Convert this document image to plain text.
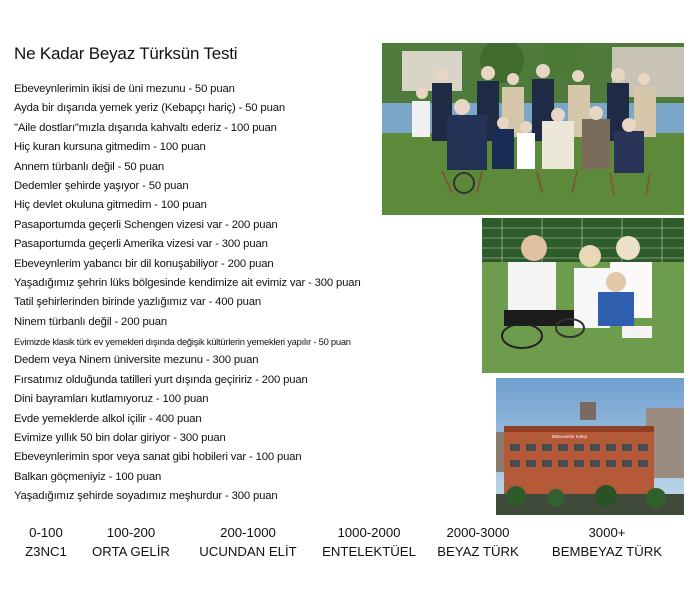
Ne Kadar Beyaz Türksün Testi
Ebeveynlerimin ikisi de üni mezunu - 50 puan
Ayda bir dışarıda yemek yeriz (Kebapçı hariç) - 50 puan
"Aile dostları"mızla dışarıda kahvaltı ederiz - 100 puan
Hiç kuran kursuna gitmedim - 100 puan
Annem türbanlı değil - 50 puan
Dedemler şehirde yaşıyor - 50 puan
Hiç devlet okuluna gitmedim - 100 puan
Pasaportumda geçerli Schengen vizesi var - 200 puan
Pasaportumda geçerli Amerika vizesi var - 300 puan
Ebeveynlerim yabancı bir dil konuşabiliyor - 200 puan
Yaşadığımız şehrin lüks bölgesinde kendimize ait evimiz var - 300 puan
Tatil şehirlerinden birinde yazlığımız var - 400 puan
Ninem türbanlı değil - 200 puan
Evimizde klasik türk ev yemekleri dışında değişik kültürlerin yemekleri yapılır - 50 puan
Dedem veya Ninem üniversite mezunu - 300 puan
Fırsatımız olduğunda tatilleri yurt dışında geçiririz - 200 puan
Dini bayramları kutlamıyoruz - 100 puan
Evde yemeklerde alkol içilir - 400 puan
Evimize yıllık 50 bin dolar giriyor - 300 puan
Ebeveynlerimin spor veya sanat gibi hobileri var - 100 puan
Balkan göçmeniyiz - 100 puan
Yaşadığımız şehirde soyadımız meşhurdur - 300 puan
Bahcesehir Koleji
0-100
Z3NC1
100-200
ORTA GELİR
200-1000
UCUNDAN ELİT
1000-2000
ENTELEKTÜEL
2000-3000
BEYAZ TÜRK
3000+
BEMBEYAZ TÜRK
